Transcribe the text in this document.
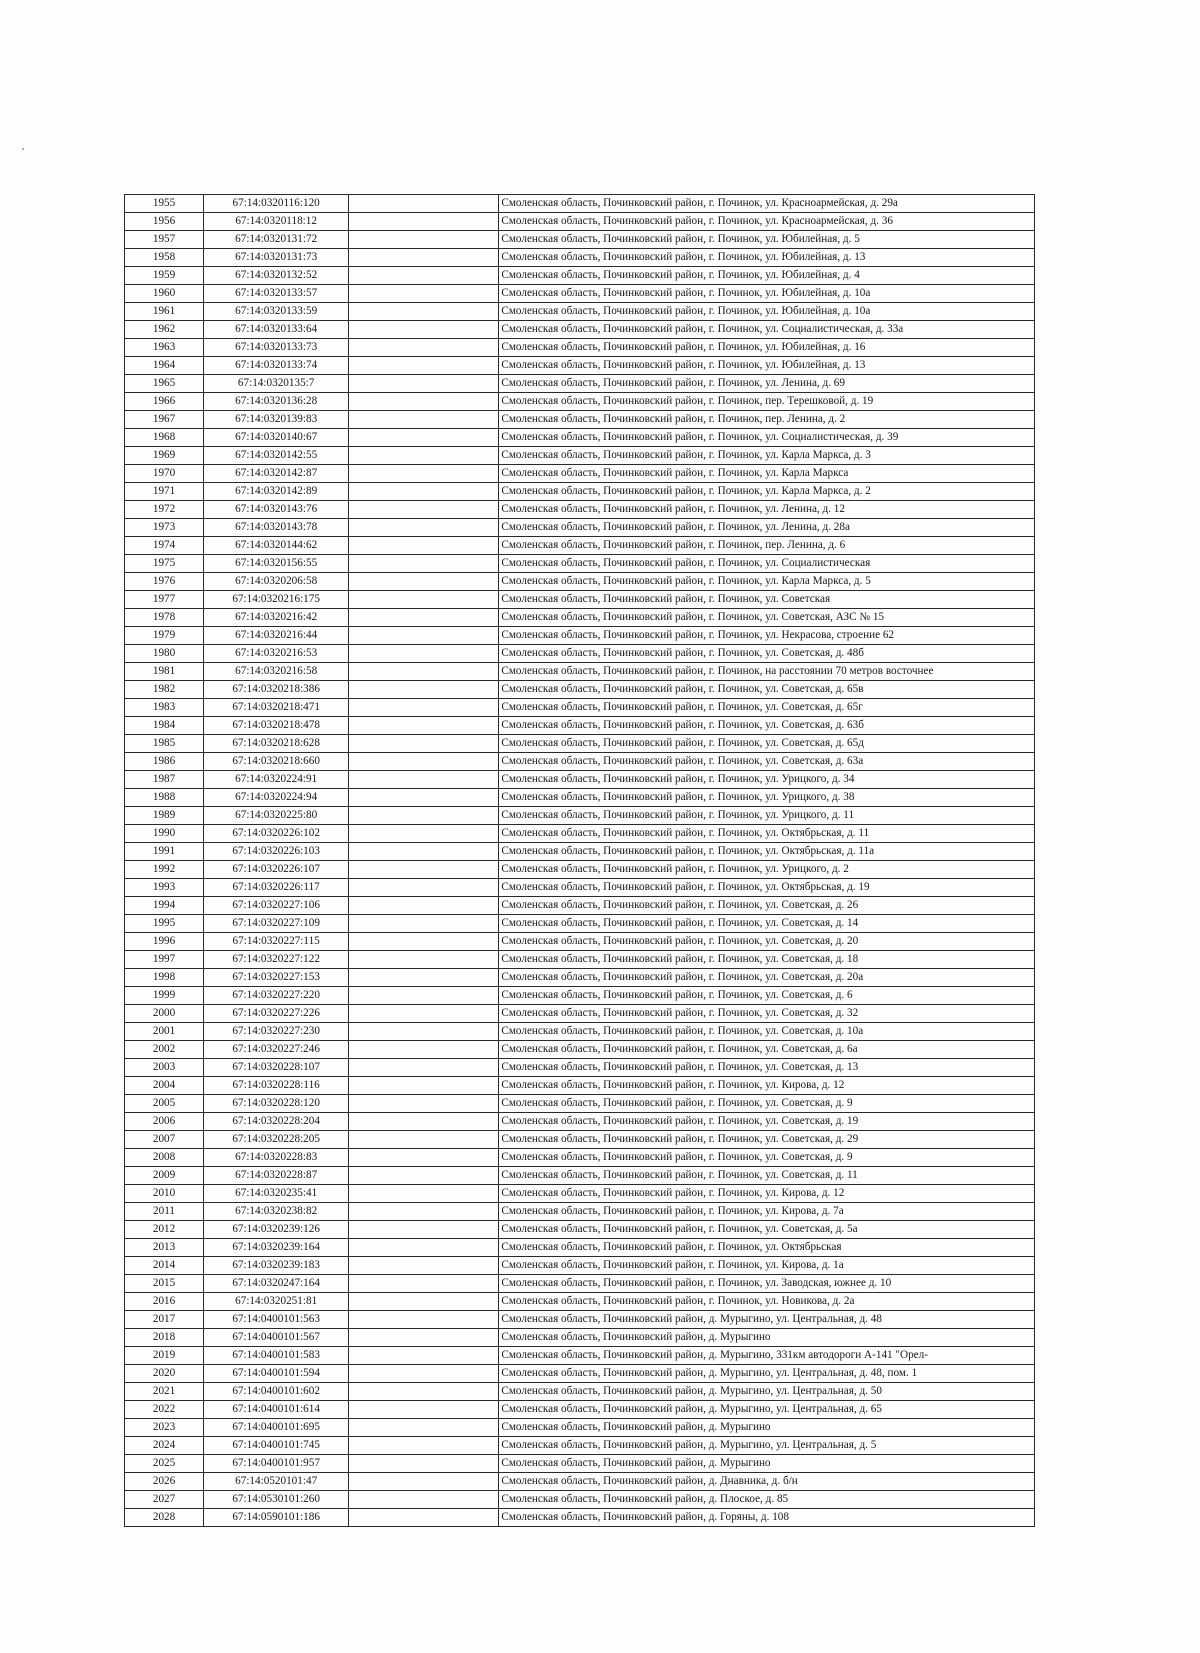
1955	67:14:0320116:120		Смоленская область, Починковский район, г. Починок, ул. Красноармейская, д. 29а
1956	67:14:0320118:12		Смоленская область, Починковский район, г. Починок, ул. Красноармейская, д. 36
1957	67:14:0320131:72		Смоленская область, Починковский район, г. Починок, ул. Юбилейная, д. 5
1958	67:14:0320131:73		Смоленская область, Починковский район, г. Починок, ул. Юбилейная, д. 13
1959	67:14:0320132:52		Смоленская область, Починковский район, г. Починок, ул. Юбилейная, д. 4
1960	67:14:0320133:57		Смоленская область, Починковский район, г. Починок, ул. Юбилейная, д. 10а
1961	67:14:0320133:59		Смоленская область, Починковский район, г. Починок, ул. Юбилейная, д. 10а
1962	67:14:0320133:64		Смоленская область, Починковский район, г. Починок, ул. Социалистическая, д. 33а
1963	67:14:0320133:73		Смоленская область, Починковский район, г. Починок, ул. Юбилейная, д. 16
1964	67:14:0320133:74		Смоленская область, Починковский район, г. Починок, ул. Юбилейная, д. 13
1965	67:14:0320135:7		Смоленская область, Починковский район, г. Починок, ул. Ленина, д. 69
1966	67:14:0320136:28		Смоленская область, Починковский район, г. Починок, пер. Терешковой, д. 19
1967	67:14:0320139:83		Смоленская область, Починковский район, г. Починок, пер. Ленина, д. 2
1968	67:14:0320140:67		Смоленская область, Починковский район, г. Починок, ул. Социалистическая, д. 39
1969	67:14:0320142:55		Смоленская область, Починковский район, г. Починок, ул. Карла Маркса, д. 3
1970	67:14:0320142:87		Смоленская область, Починковский район, г. Починок, ул. Карла Маркса
1971	67:14:0320142:89		Смоленская область, Починковский район, г. Починок, ул. Карла Маркса, д. 2
1972	67:14:0320143:76		Смоленская область, Починковский район, г. Починок, ул. Ленина, д. 12
1973	67:14:0320143:78		Смоленская область, Починковский район, г. Починок, ул. Ленина, д. 28а
1974	67:14:0320144:62		Смоленская область, Починковский район, г. Починок, пер. Ленина, д. 6
1975	67:14:0320156:55		Смоленская область, Починковский район, г. Починок, ул. Социалистическая
1976	67:14:0320206:58		Смоленская область, Починковский район, г. Починок, ул. Карла Маркса, д. 5
1977	67:14:0320216:175		Смоленская область, Починковский район, г. Починок, ул. Советская
1978	67:14:0320216:42		Смоленская область, Починковский район, г. Починок, ул. Советская, АЗС № 15
1979	67:14:0320216:44		Смоленская область, Починковский район, г. Починок, ул. Некрасова, строение 62
1980	67:14:0320216:53		Смоленская область, Починковский район, г. Починок, ул. Советская, д. 48б
1981	67:14:0320216:58		Смоленская область, Починковский район, г. Починок, на расстоянии 70 метров восточнее
1982	67:14:0320218:386		Смоленская область, Починковский район, г. Починок, ул. Советская, д. 65в
1983	67:14:0320218:471		Смоленская область, Починковский район, г. Починок, ул. Советская, д. 65г
1984	67:14:0320218:478		Смоленская область, Починковский район, г. Починок, ул. Советская, д. 63б
1985	67:14:0320218:628		Смоленская область, Починковский район, г. Починок, ул. Советская, д. 65д
1986	67:14:0320218:660		Смоленская область, Починковский район, г. Починок, ул. Советская, д. 63а
1987	67:14:0320224:91		Смоленская область, Починковский район, г. Починок, ул. Урицкого, д. 34
1988	67:14:0320224:94		Смоленская область, Починковский район, г. Починок, ул. Урицкого, д. 38
1989	67:14:0320225:80		Смоленская область, Починковский район, г. Починок, ул. Урицкого, д. 11
1990	67:14:0320226:102		Смоленская область, Починковский район, г. Починок, ул. Октябрьская, д. 11
1991	67:14:0320226:103		Смоленская область, Починковский район, г. Починок, ул. Октябрьская, д. 11а
1992	67:14:0320226:107		Смоленская область, Починковский район, г. Починок, ул. Урицкого, д. 2
1993	67:14:0320226:117		Смоленская область, Починковский район, г. Починок, ул. Октябрьская, д. 19
1994	67:14:0320227:106		Смоленская область, Починковский район, г. Починок, ул. Советская, д. 26
1995	67:14:0320227:109		Смоленская область, Починковский район, г. Починок, ул. Советская, д. 14
1996	67:14:0320227:115		Смоленская область, Починковский район, г. Починок, ул. Советская, д. 20
1997	67:14:0320227:122		Смоленская область, Починковский район, г. Починок, ул. Советская, д. 18
1998	67:14:0320227:153		Смоленская область, Починковский район, г. Починок, ул. Советская, д. 20а
1999	67:14:0320227:220		Смоленская область, Починковский район, г. Починок, ул. Советская, д. 6
2000	67:14:0320227:226		Смоленская область, Починковский район, г. Починок, ул. Советская, д. 32
2001	67:14:0320227:230		Смоленская область, Починковский район, г. Починок, ул. Советская, д. 10а
2002	67:14:0320227:246		Смоленская область, Починковский район, г. Починок, ул. Советская, д. 6а
2003	67:14:0320228:107		Смоленская область, Починковский район, г. Починок, ул. Советская, д. 13
2004	67:14:0320228:116		Смоленская область, Починковский район, г. Починок, ул. Кирова, д. 12
2005	67:14:0320228:120		Смоленская область, Починковский район, г. Починок, ул. Советская, д. 9
2006	67:14:0320228:204		Смоленская область, Починковский район, г. Починок, ул. Советская, д. 19
2007	67:14:0320228:205		Смоленская область, Починковский район, г. Починок, ул. Советская, д. 29
2008	67:14:0320228:83		Смоленская область, Починковский район, г. Починок, ул. Советская, д. 9
2009	67:14:0320228:87		Смоленская область, Починковский район, г. Починок, ул. Советская, д. 11
2010	67:14:0320235:41		Смоленская область, Починковский район, г. Починок, ул. Кирова, д. 12
2011	67:14:0320238:82		Смоленская область, Починковский район, г. Починок, ул. Кирова, д. 7а
2012	67:14:0320239:126		Смоленская область, Починковский район, г. Починок, ул. Советская, д. 5а
2013	67:14:0320239:164		Смоленская область, Починковский район, г. Починок, ул. Октябрьская
2014	67:14:0320239:183		Смоленская область, Починковский район, г. Починок, ул. Кирова, д. 1а
2015	67:14:0320247:164		Смоленская область, Починковский район, г. Починок, ул. Заводская, южнее д. 10
2016	67:14:0320251:81		Смоленская область, Починковский район, г. Починок, ул. Новикова, д. 2а
2017	67:14:0400101:563		Смоленская область, Починковский район, д. Мурыгино, ул. Центральная, д. 48
2018	67:14:0400101:567		Смоленская область, Починковский район, д. Мурыгино
2019	67:14:0400101:583		Смоленская область, Починковский район, д. Мурыгино, 331км автодороги А-141 "Орел-
2020	67:14:0400101:594		Смоленская область, Починковский район, д. Мурыгино, ул. Центральная, д. 48, пом. 1
2021	67:14:0400101:602		Смоленская область, Починковский район, д. Мурыгино, ул. Центральная, д. 50
2022	67:14:0400101:614		Смоленская область, Починковский район, д. Мурыгино, ул. Центральная, д. 65
2023	67:14:0400101:695		Смоленская область, Починковский район, д. Мурыгино
2024	67:14:0400101:745		Смоленская область, Починковский район, д. Мурыгино, ул. Центральная, д. 5
2025	67:14:0400101:957		Смоленская область, Починковский район, д. Мурыгино
2026	67:14:0520101:47		Смоленская область, Починковский район, д. Днавника, д. б/н
2027	67:14:0530101:260		Смоленская область, Починковский район, д. Плоское, д. 85
2028	67:14:0590101:186		Смоленская область, Починковский район, д. Горяны, д. 108
